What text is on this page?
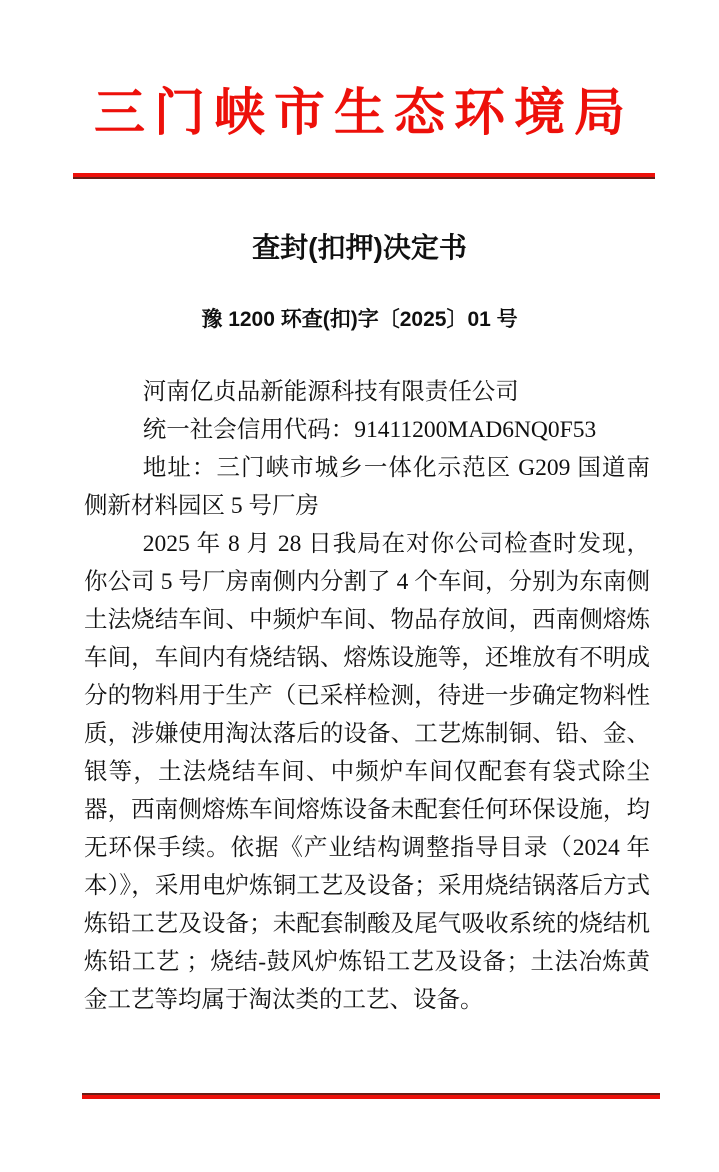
三门峡市生态环境局
查封(扣押)决定书
豫 1200 环查(扣)字〔2025〕01 号

河南亿贞品新能源科技有限责任公司

统一社会信用代码：91411200MAD6NQ0F53

地址：三门峡市城乡一体化示范区 G209 国道南侧新材料园区 5 号厂房

2025 年 8 月 28 日我局在对你公司检查时发现，你公司 5 号厂房南侧内分割了 4 个车间，分别为东南侧土法烧结车间、中频炉车间、物品存放间，西南侧熔炼车间，车间内有烧结锅、熔炼设施等，还堆放有不明成分的物料用于生产（已采样检测，待进一步确定物料性质，涉嫌使用淘汰落后的设备、工艺炼制铜、铅、金、银等，土法烧结车间、中频炉车间仅配套有袋式除尘器，西南侧熔炼车间熔炼设备未配套任何环保设施，均无环保手续。依据《产业结构调整指导目录（2024 年本）》，采用电炉炼铜工艺及设备；采用烧结锅落后方式炼铅工艺及设备；未配套制酸及尾气吸收系统的烧结机炼铅工艺 ；烧结-鼓风炉炼铅工艺及设备；土法冶炼黄金工艺等均属于淘汰类的工艺、设备。
